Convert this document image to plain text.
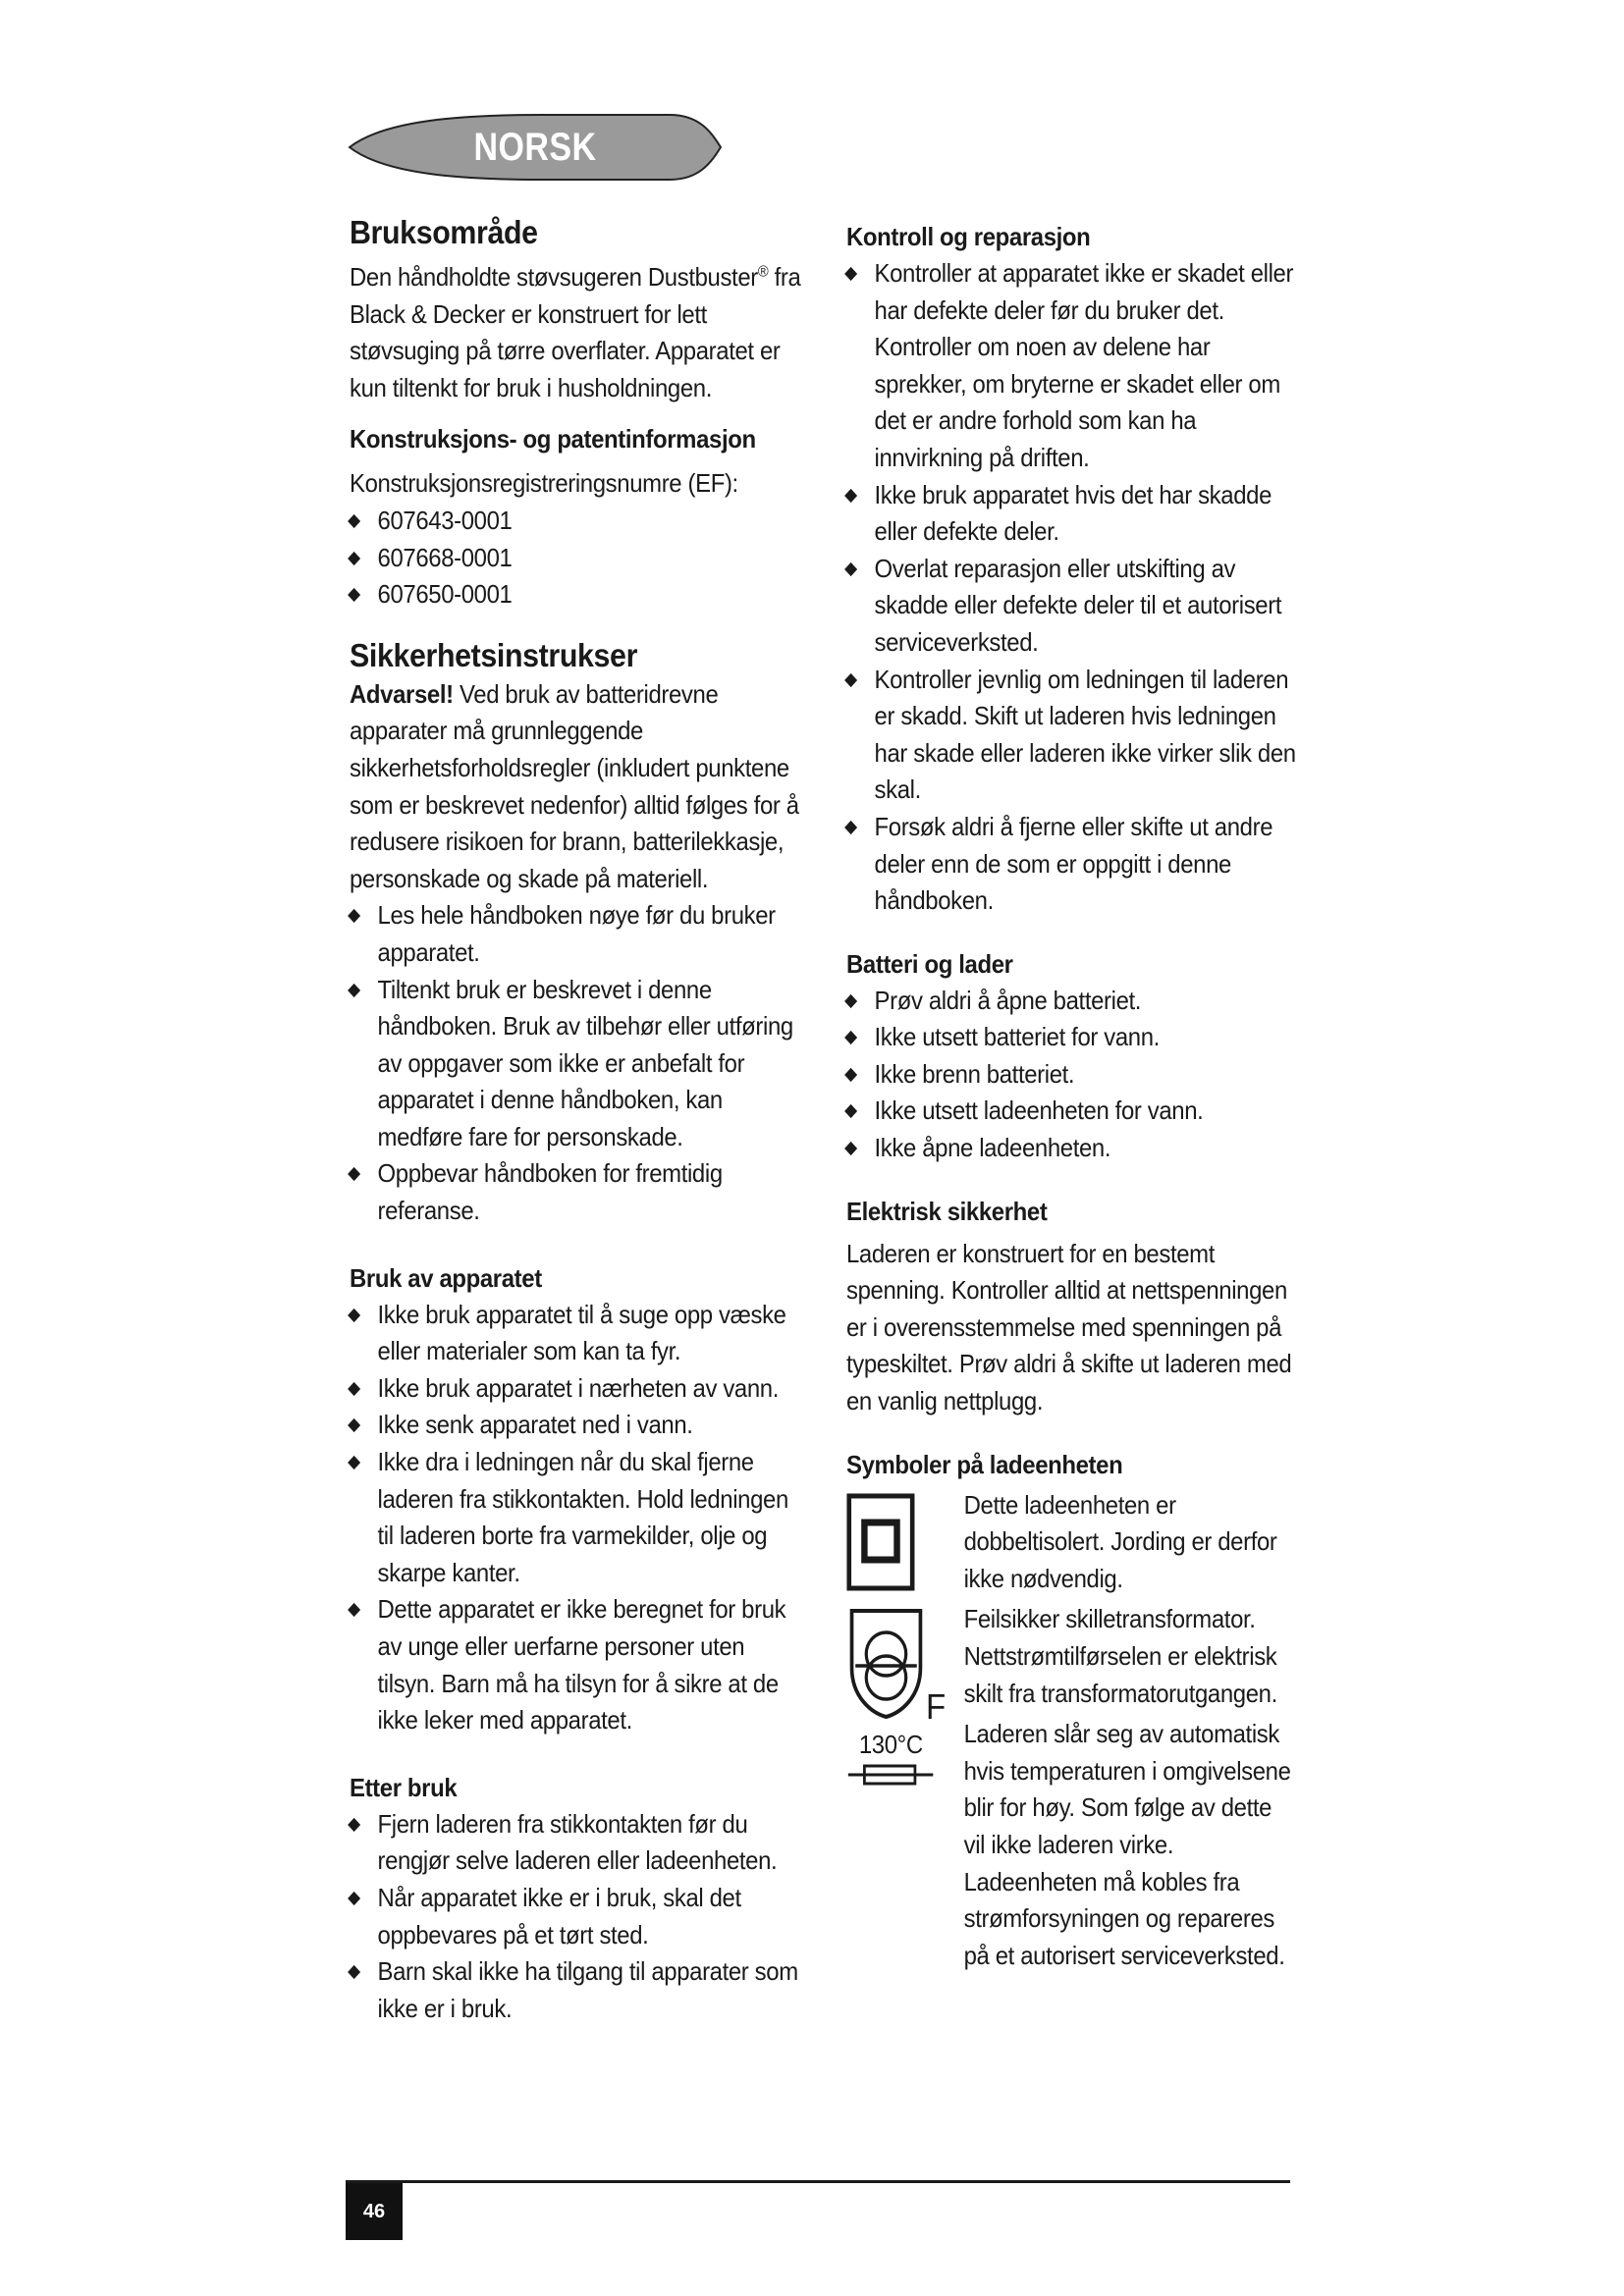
NORSK
Bruksområde

Den håndholdte støvsugeren Dustbuster® fra Black & Decker er konstruert for lett støvsuging på tørre overflater. Apparatet er kun tiltenkt for bruk i husholdningen.

Konstruksjons- og patentinformasjon

Konstruksjonsregistreringsnumre (EF):

607643-0001
607668-0001
607650-0001
Sikkerhetsinstrukser

Advarsel! Ved bruk av batteridrevne apparater må grunnleggende sikkerhetsforholdsregler (inkludert punktene som er beskrevet nedenfor) alltid følges for å redusere risikoen for brann, batterilekkasje, personskade og skade på materiell.

Les hele håndboken nøye før du bruker apparatet.
Tiltenkt bruk er beskrevet i denne håndboken. Bruk av tilbehør eller utføring av oppgaver som ikke er anbefalt for apparatet i denne håndboken, kan medføre fare for personskade.
Oppbevar håndboken for fremtidig referanse.
Bruk av apparatet
Ikke bruk apparatet til å suge opp væske eller materialer som kan ta fyr.
Ikke bruk apparatet i nærheten av vann.
Ikke senk apparatet ned i vann.
Ikke dra i ledningen når du skal fjerne laderen fra stikkontakten. Hold ledningen til laderen borte fra varmekilder, olje og skarpe kanter.
Dette apparatet er ikke beregnet for bruk av unge eller uerfarne personer uten tilsyn. Barn må ha tilsyn for å sikre at de ikke leker med apparatet.
Etter bruk
Fjern laderen fra stikkontakten før du rengjør selve laderen eller ladeenheten.
Når apparatet ikke er i bruk, skal det oppbevares på et tørt sted.
Barn skal ikke ha tilgang til apparater som ikke er i bruk.
Kontroll og reparasjon
Kontroller at apparatet ikke er skadet eller har defekte deler før du bruker det. Kontroller om noen av delene har sprekker, om bryterne er skadet eller om det er andre forhold som kan ha innvirkning på driften.
Ikke bruk apparatet hvis det har skadde eller defekte deler.
Overlat reparasjon eller utskifting av skadde eller defekte deler til et autorisert serviceverksted.
Kontroller jevnlig om ledningen til laderen er skadd. Skift ut laderen hvis ledningen har skade eller laderen ikke virker slik den skal.
Forsøk aldri å fjerne eller skifte ut andre deler enn de som er oppgitt i denne håndboken.
Batteri og lader
Prøv aldri å åpne batteriet.
Ikke utsett batteriet for vann.
Ikke brenn batteriet.
Ikke utsett ladeenheten for vann.
Ikke åpne ladeenheten.
Elektrisk sikkerhet

Laderen er konstruert for en bestemt spenning. Kontroller alltid at nettspenningen er i overensstemmelse med spenningen på typeskiltet. Prøv aldri å skifte ut laderen med en vanlig nettplugg.

Symboler på ladeenheten

Dette ladeenheten er dobbeltisolert. Jording er derfor ikke nødvendig.

F

Feilsikker skilletransformator. Nettstrømtilførselen er elektrisk skilt fra transformatorutgangen.

130°C Laderen slår seg av automatisk hvis temperaturen i omgivelsene blir for høy. Som følge av dette vil ikke laderen virke. Ladeenheten må kobles fra strømforsyningen og repareres på et autorisert serviceverksted.

46
